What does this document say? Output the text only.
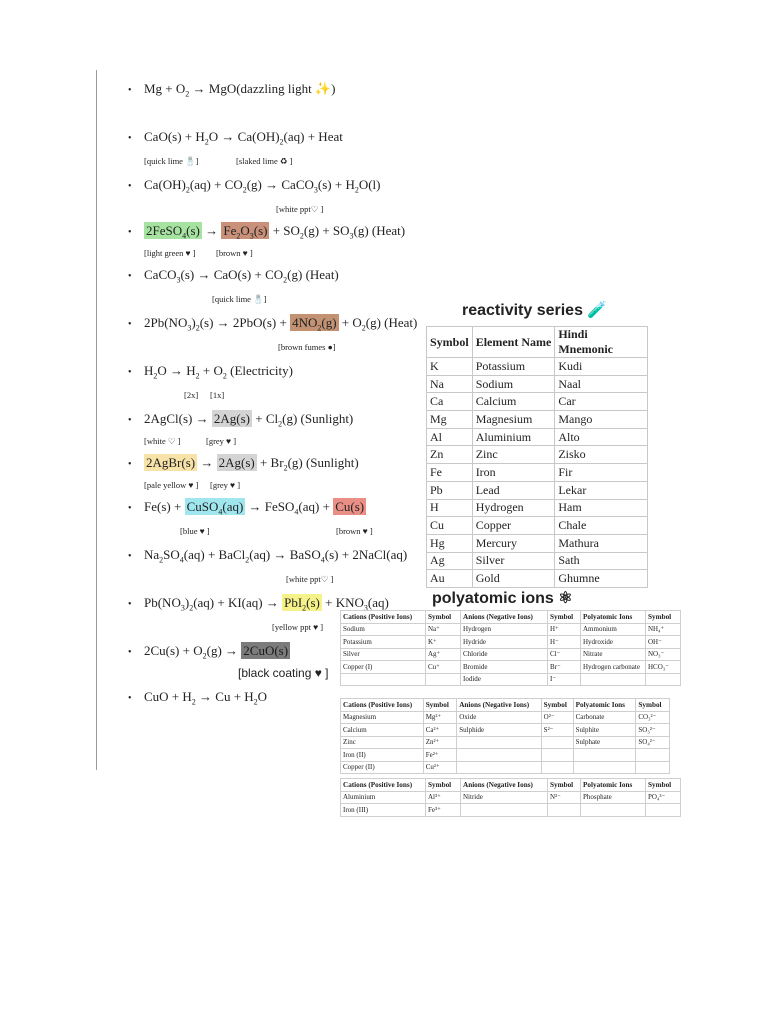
• $Mg + O_2$ → MgO(dazzling light ✨)
• $CaO(s) + H_2O \to Ca(OH)_2(aq)$ + Heat
[quick lime 🧂]	[slaked lime ♻ ]
• $Ca(OH)_2(aq) + CO_2(g)$ → CaCO$_3$(s) + $H_2O(l)$
[white ppt♡ ]
• 2FeSO$_4$(s) → $Fe_2O_3(s) + SO_2(g) + SO_3(g)$ (Heat)
[light green ♥ ] [brown ♥ ]
• CaCO$_3$(s) → $CaO(s) + CO_2(g)$ (Heat)
[quick lime 🧂]
• $2Pb(NO_3)_2(s) \to 2PbO(s) + 4NO_2(g) + O_2(g)$ (Heat)
[brown fumes ●]
• $H_2O \to H_2 + O_2$ (Electricity)
[2x] [1x]
• 2AgCl(s) → $2Ag(s) + Cl_2(g)$ (Sunlight)
[white ♡ ]	[grey ♥ ]
• 2AgBr(s) → $2Ag(s) + Br_2(g)$ (Sunlight)
[pale yellow ♥ ] [grey ♥ ]
• Fe(s) + CuSO$_4$(aq) → FeSO$_4$(aq) + Cu(s)
[blue ♥ ]	[brown ♥ ]
• $Na_2SO_4(aq)$ + BaCl$_2$(aq) → BaSO$_4$(s) + 2NaCl(aq)
[white ppt♡ ]
• $Pb(NO_3)_2(aq) + KI(aq) \to PbI_2(s) + KNO_3(aq)$
[yellow ppt ♥ ]
• $2Cu(s) + O_2(g) \to 2CuO(s)$
[black coating ♥ ]
• CuO + $H_2 \to Cu + H_2O$
reactivity series 🧪
Symbol	Element Name	Hindi Mnemonic
K	Potassium	Kudi
Na	Sodium	Naal
Ca	Calcium	Car
Mg	Magnesium	Mango
Al	Aluminium	Alto
Zn	Zinc	Zisko
Fe	Iron	Fir
Pb	Lead	Lekar
H	Hydrogen	Ham
Cu	Copper	Chale
Hg	Mercury	Mathura
Ag	Silver	Sath
Au	Gold	Ghumne
polyatomic ions ⚛
Cations (Positive Ions)	Symbol	Anions (Negative Ions)	Symbol	Polyatomic Ions	Symbol
Sodium	Na⁺	Hydrogen	H⁺	Ammonium	NH₄⁺
Potassium	K⁺	Hydride	H⁻	Hydroxide	OH⁻
Silver	Ag⁺	Chloride	Cl⁻	Nitrate	NO₃⁻
Copper (I)	Cu⁺	Bromide	Br⁻	Hydrogen carbonate	HCO₃⁻
		Iodide	I⁻		
Cations (Positive Ions)	Symbol	Anions (Negative Ions)	Symbol	Polyatomic Ions	Symbol
Magnesium	Mg²⁺	Oxide	O²⁻	Carbonate	CO₃²⁻
Calcium	Ca²⁺	Sulphide	S²⁻	Sulphite	SO₃²⁻
Zinc	Zn²⁺			Sulphate	SO₄²⁻
Iron (II)	Fe²⁺				
Copper (II)	Cu²⁺				
Cations (Positive Ions)	Symbol	Anions (Negative Ions)	Symbol	Polyatomic Ions	Symbol
Aluminium	Al³⁺	Nitride	N³⁻	Phosphate	PO₄³⁻
Iron (III)	Fe³⁺				
